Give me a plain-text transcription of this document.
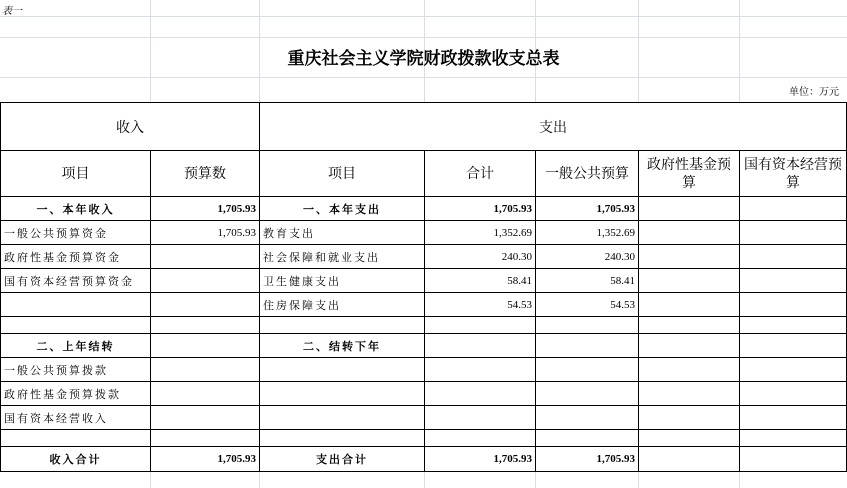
表一
重庆社会主义学院财政拨款收支总表
单位：万元
收入		支出				
项目	预算数	项目	合计	一般公共预算	政府性基金预算	国有资本经营预算
一、本年收入	1,705.93	一、本年支出	1,705.93	1,705.93		
一般公共预算资金	1,705.93	教育支出	1,352.69	1,352.69		
政府性基金预算资金		社会保障和就业支出	240.30	240.30		
国有资本经营预算资金		卫生健康支出	58.41	58.41		
		住房保障支出	54.53	54.53		

二、上年结转		二、结转下年				
一般公共预算拨款						
政府性基金预算拨款						
国有资本经营收入						

收入合计	1,705.93	支出合计	1,705.93	1,705.93		
